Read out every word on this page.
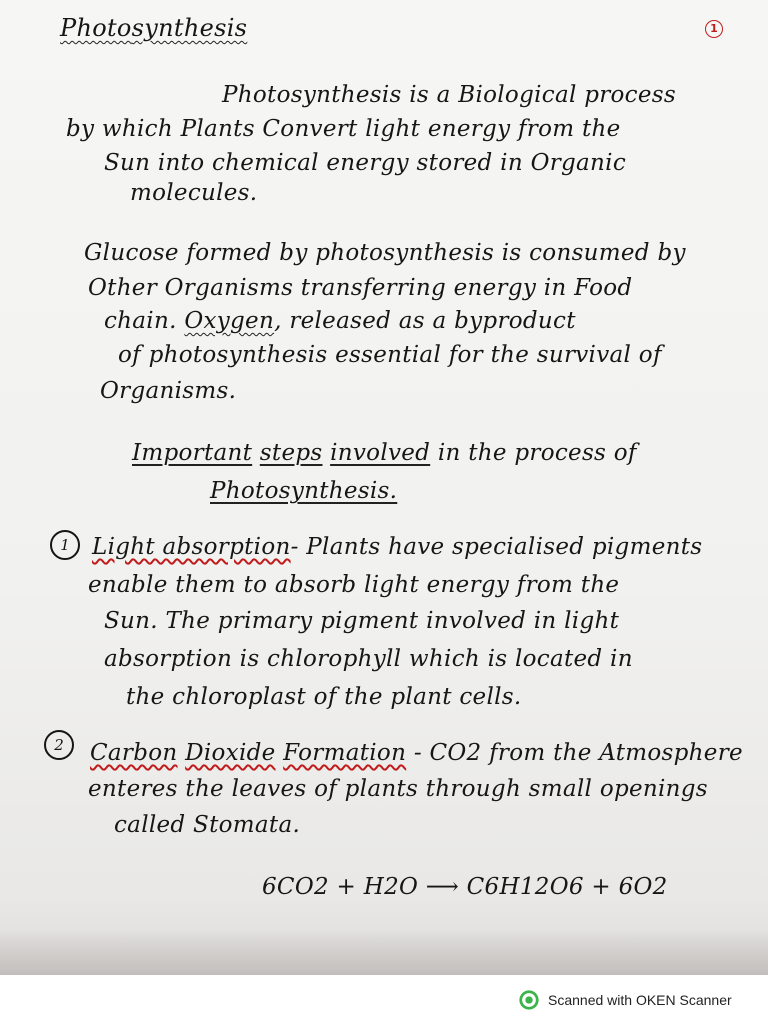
Photosynthesis	1
Photosynthesis is a Biological process
by which Plants Convert light energy from the
Sun into chemical energy stored in Organic
molecules.
Glucose formed by photosynthesis is consumed by
Other Organisms transferring energy in Food
chain. Oxygen, released as a byproduct
of photosynthesis essential for the survival of
Organisms.
Important steps involved in the process of
Photosynthesis.
1 Light absorption- Plants have specialised pigments
enable them to absorb light energy from the
Sun. The primary pigment involved in light
absorption is chlorophyll which is located in
the chloroplast of the plant cells.
2	Carbon Dioxide Formation - CO2 from the Atmosphere
enteres the leaves of plants through small openings
called Stomata.
6CO2 + H2O ⟶ C6H12O6 + 6O2
Scanned with OKEN Scanner
